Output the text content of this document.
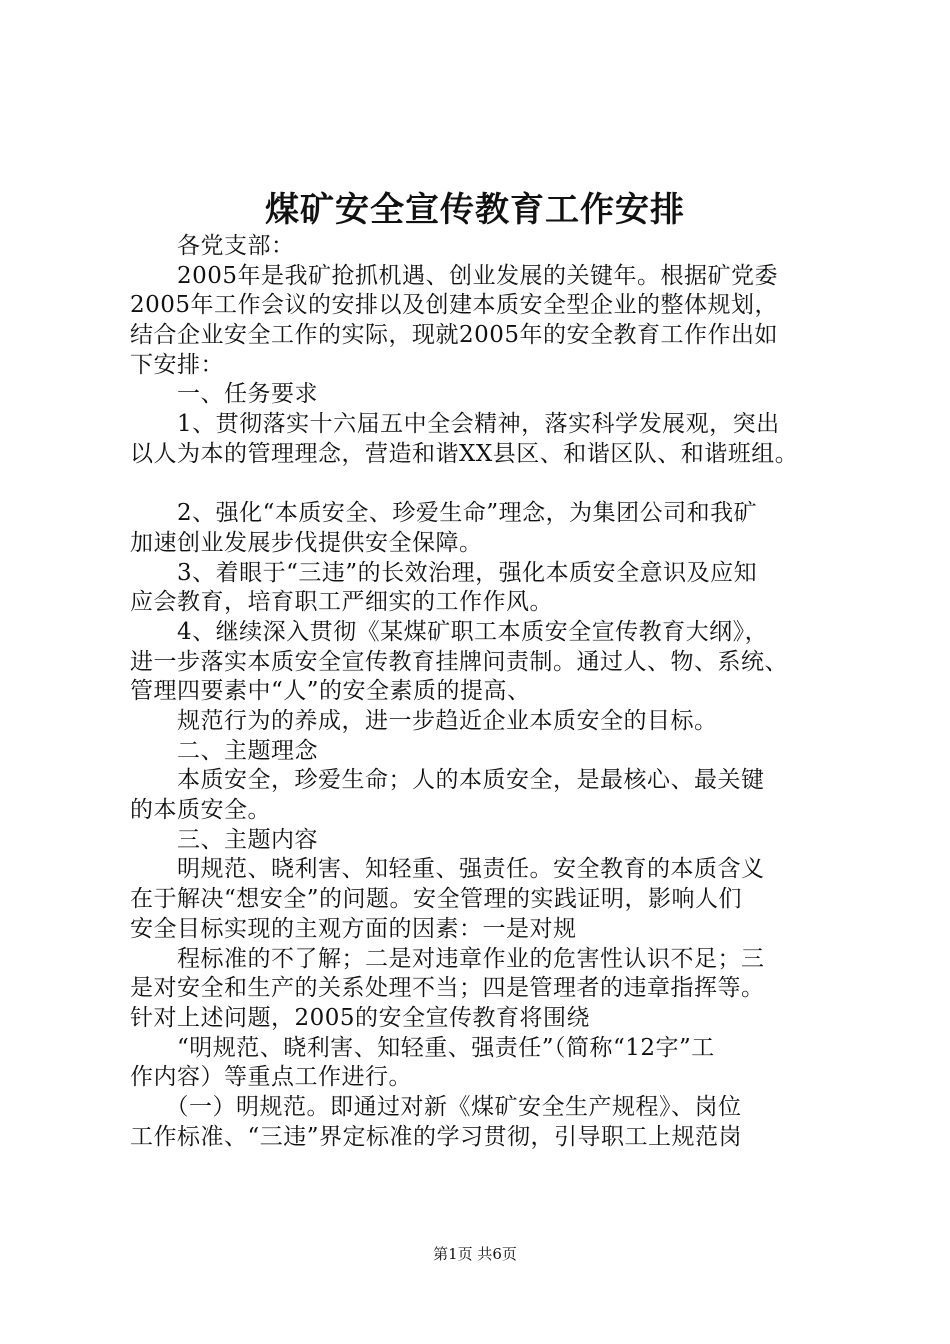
煤矿安全宣传教育工作安排
　　各党支部：
　　2005年是我矿抢抓机遇、创业发展的关键年。根据矿党委
2005年工作会议的安排以及创建本质安全型企业的整体规划，
结合企业安全工作的实际，现就2005年的安全教育工作作出如
下安排：
　　一、任务要求
　　1、贯彻落实十六届五中全会精神，落实科学发展观，突出
以人为本的管理理念，营造和谐XX县区、和谐区队、和谐班组。
　　2、强化“本质安全、珍爱生命”理念，为集团公司和我矿
加速创业发展步伐提供安全保障。
　　3、着眼于“三违”的长效治理，强化本质安全意识及应知
应会教育，培育职工严细实的工作作风。
　　4、继续深入贯彻《某煤矿职工本质安全宣传教育大纲》，
进一步落实本质安全宣传教育挂牌问责制。通过人、物、系统、
管理四要素中“人”的安全素质的提高、
　　规范行为的养成，进一步趋近企业本质安全的目标。
　　二、主题理念
　　本质安全，珍爱生命；人的本质安全，是最核心、最关键
的本质安全。
　　三、主题内容
　　明规范、晓利害、知轻重、强责任。安全教育的本质含义
在于解决“想安全”的问题。安全管理的实践证明，影响人们
安全目标实现的主观方面的因素：一是对规
　　程标准的不了解；二是对违章作业的危害性认识不足；三
是对安全和生产的关系处理不当；四是管理者的违章指挥等。
针对上述问题，2005的安全宣传教育将围绕
　　“明规范、晓利害、知轻重、强责任”（简称“12字”工
作内容）等重点工作进行。
　　（一）明规范。即通过对新《煤矿安全生产规程》、岗位
工作标准、“三违”界定标准的学习贯彻，引导职工上规范岗
第1页 共6页
